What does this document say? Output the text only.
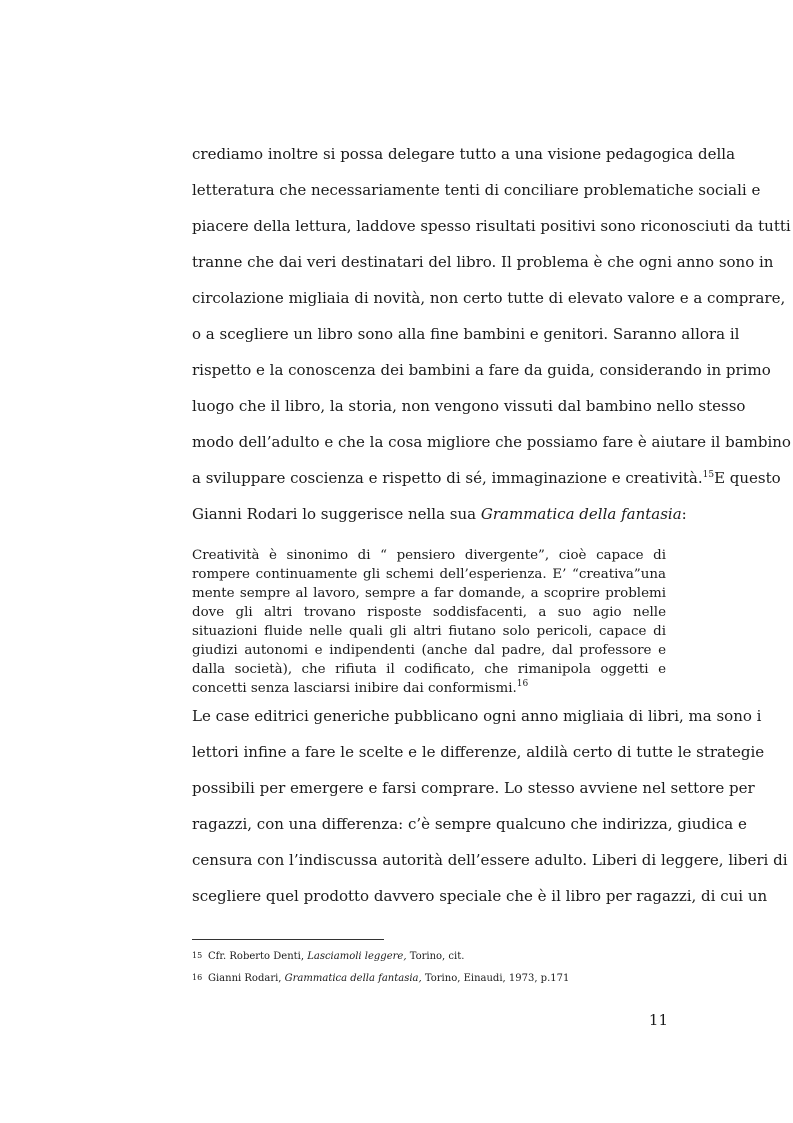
crediamo inoltre si possa delegare tutto a una visione pedagogica della
letteratura che necessariamente tenti di conciliare problematiche sociali e
piacere della lettura, laddove spesso risultati positivi sono riconosciuti da tutti
tranne che dai veri destinatari del libro. Il problema è che ogni anno sono in
circolazione migliaia di novità, non certo tutte di elevato valore e a comprare,
o a scegliere un libro sono alla fine bambini e genitori. Saranno allora il
rispetto e la conoscenza dei bambini a fare da guida, considerando in primo
luogo che il libro, la storia, non vengono vissuti dal bambino nello stesso
modo dell’adulto e che la cosa migliore che possiamo fare è aiutare il bambino
a sviluppare coscienza e rispetto di sé, immaginazione e creatività.$^{15}$E questo
Gianni Rodari lo suggerisce nella sua Grammatica della fantasia:
Creatività è sinonimo di “ pensiero divergente”, cioè capace di rompere continuamente gli schemi dell’esperienza. E’ “creativa”una mente sempre al lavoro, sempre a far domande, a scoprire problemi dove gli altri trovano risposte soddisfacenti, a suo agio nelle situazioni fluide nelle quali gli altri fiutano solo pericoli, capace di giudizi autonomi e indipendenti (anche dal padre, dal professore e dalla società), che rifiuta il codificato, che rimanipola oggetti e concetti senza lasciarsi inibire dai conformismi.$^{16}$
Le case editrici generiche pubblicano ogni anno migliaia di libri, ma sono i
lettori infine a fare le scelte e le differenze, aldilà certo di tutte le strategie
possibili per emergere e farsi comprare. Lo stesso avviene nel settore per
ragazzi, con una differenza: c’è sempre qualcuno che indirizza, giudica e
censura con l’indiscussa autorità dell’essere adulto. Liberi di leggere, liberi di
scegliere quel prodotto davvero speciale che è il libro per ragazzi, di cui un
15 Cfr. Roberto Denti, Lasciamoli leggere, Torino, cit.
16 Gianni Rodari, Grammatica della fantasia, Torino, Einaudi, 1973, p.171
11
